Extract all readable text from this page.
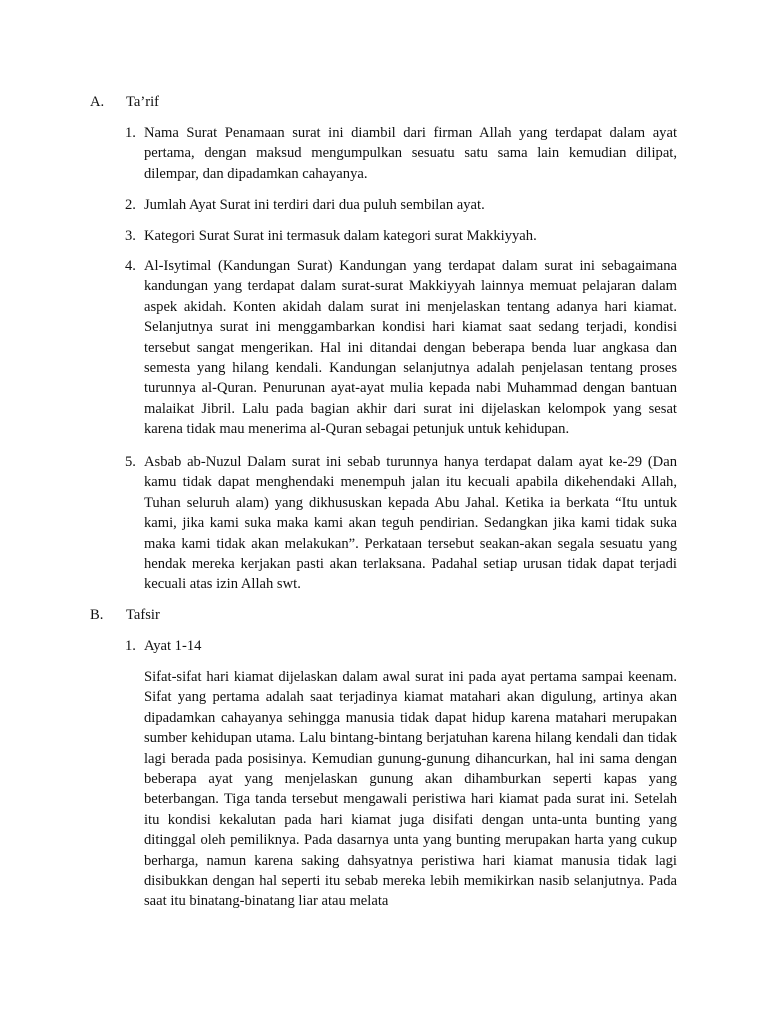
A. Ta’rif
1. Nama Surat Penamaan surat ini diambil dari firman Allah yang terdapat dalam ayat pertama, dengan maksud mengumpulkan sesuatu satu sama lain kemudian dilipat, dilempar, dan dipadamkan cahayanya.
2. Jumlah Ayat Surat ini terdiri dari dua puluh sembilan ayat.
3. Kategori Surat Surat ini termasuk dalam kategori surat Makkiyyah.
4. Al-Isytimal (Kandungan Surat) Kandungan yang terdapat dalam surat ini sebagaimana kandungan yang terdapat dalam surat-surat Makkiyyah lainnya memuat pelajaran dalam aspek akidah. Konten akidah dalam surat ini menjelaskan tentang adanya hari kiamat. Selanjutnya surat ini menggambarkan kondisi hari kiamat saat sedang terjadi, kondisi tersebut sangat mengerikan. Hal ini ditandai dengan beberapa benda luar angkasa dan semesta yang hilang kendali. Kandungan selanjutnya adalah penjelasan tentang proses turunnya al-Quran. Penurunan ayat-ayat mulia kepada nabi Muhammad dengan bantuan malaikat Jibril. Lalu pada bagian akhir dari surat ini dijelaskan kelompok yang sesat karena tidak mau menerima al-Quran sebagai petunjuk untuk kehidupan.
5. Asbab ab-Nuzul Dalam surat ini sebab turunnya hanya terdapat dalam ayat ke-29 (Dan kamu tidak dapat menghendaki menempuh jalan itu kecuali apabila dikehendaki Allah, Tuhan seluruh alam) yang dikhususkan kepada Abu Jahal. Ketika ia berkata “Itu untuk kami, jika kami suka maka kami akan teguh pendirian. Sedangkan jika kami tidak suka maka kami tidak akan melakukan”. Perkataan tersebut seakan-akan segala sesuatu yang hendak mereka kerjakan pasti akan terlaksana. Padahal setiap urusan tidak dapat terjadi kecuali atas izin Allah swt.
B. Tafsir
1. Ayat 1-14
Sifat-sifat hari kiamat dijelaskan dalam awal surat ini pada ayat pertama sampai keenam. Sifat yang pertama adalah saat terjadinya kiamat matahari akan digulung, artinya akan dipadamkan cahayanya sehingga manusia tidak dapat hidup karena matahari merupakan sumber kehidupan utama. Lalu bintang-bintang berjatuhan karena hilang kendali dan tidak lagi berada pada posisinya. Kemudian gunung-gunung dihancurkan, hal ini sama dengan beberapa ayat yang menjelaskan gunung akan dihamburkan seperti kapas yang beterbangan. Tiga tanda tersebut mengawali peristiwa hari kiamat pada surat ini. Setelah itu kondisi kekalutan pada hari kiamat juga disifati dengan unta-unta bunting yang ditinggal oleh pemiliknya. Pada dasarnya unta yang bunting merupakan harta yang cukup berharga, namun karena saking dahsyatnya peristiwa hari kiamat manusia tidak lagi disibukkan dengan hal seperti itu sebab mereka lebih memikirkan nasib selanjutnya. Pada saat itu binatang-binatang liar atau melata
